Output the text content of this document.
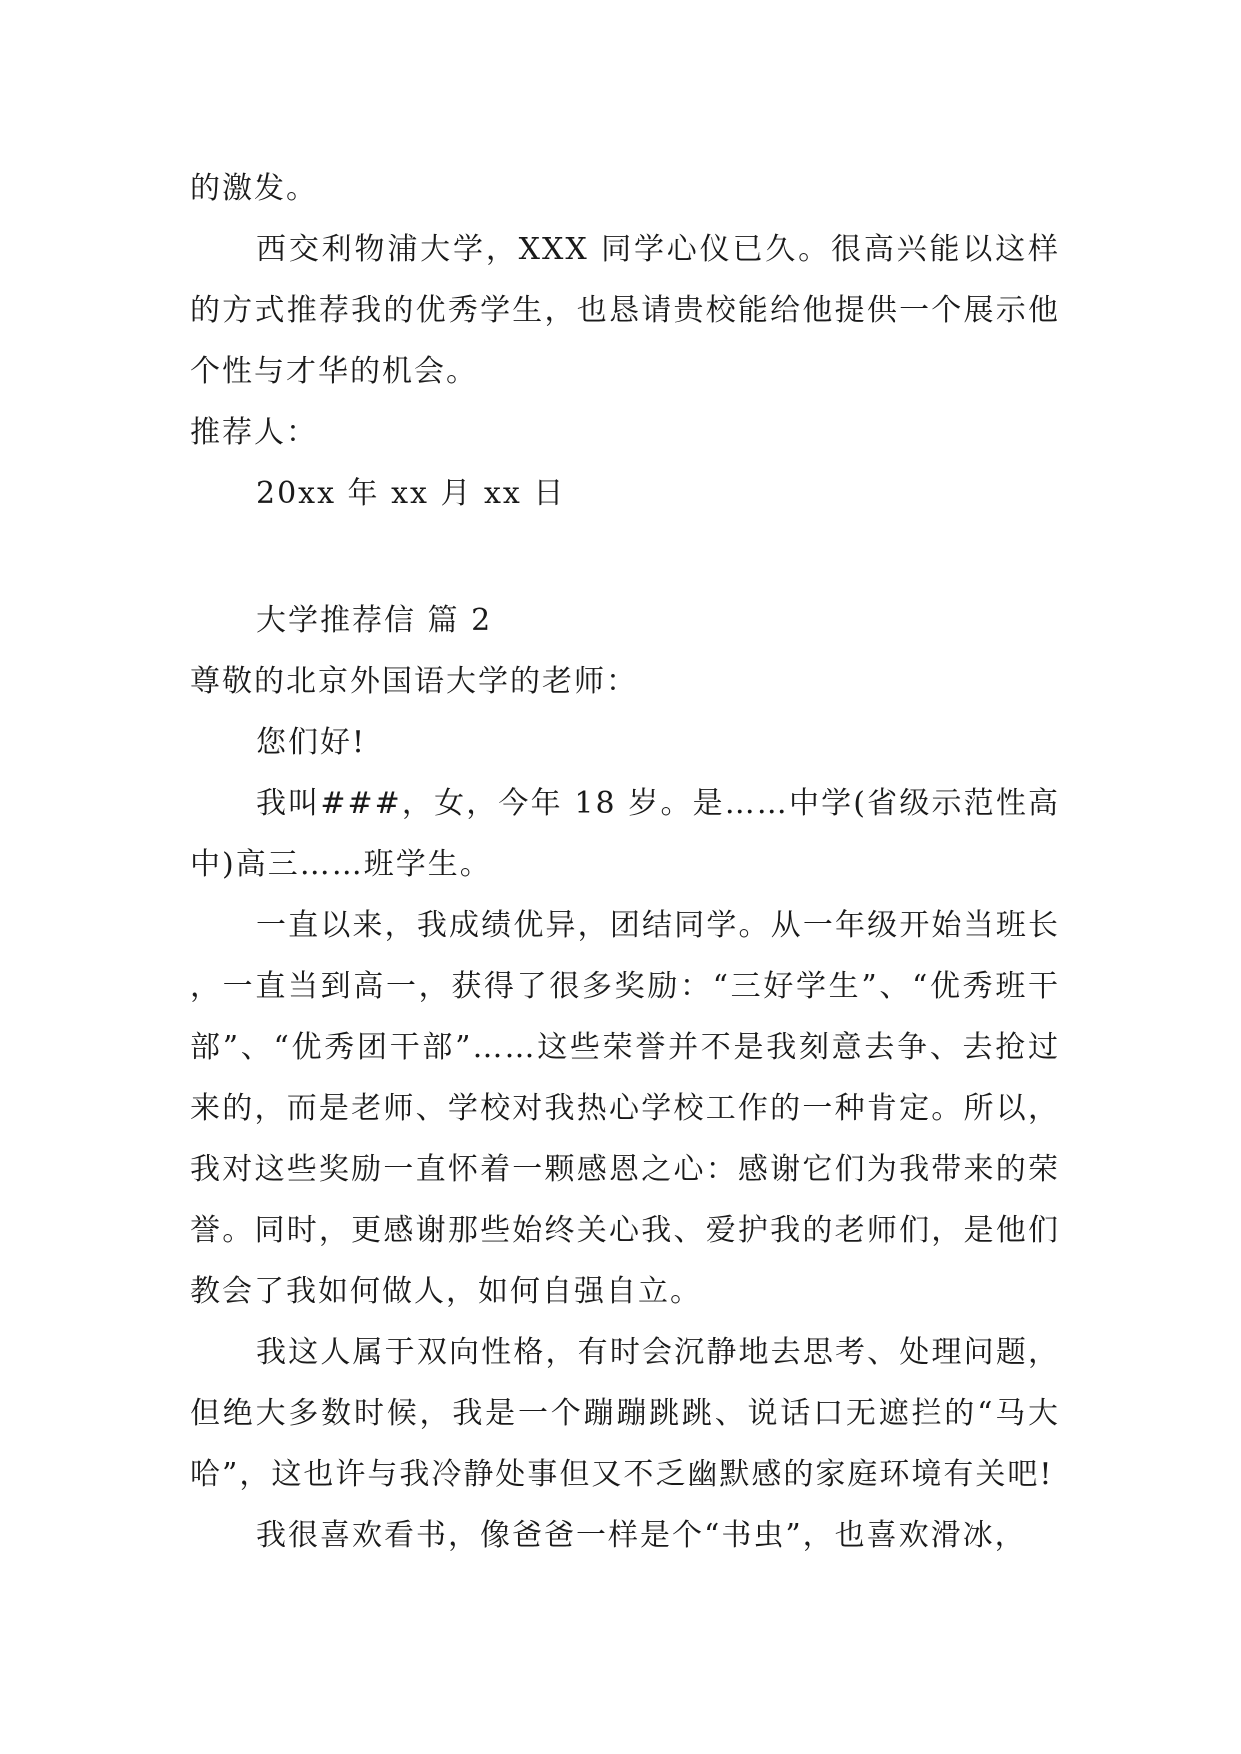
的激发。

西交利物浦大学，XXX 同学心仪已久。很高兴能以这样的方式推荐我的优秀学生，也恳请贵校能给他提供一个展示他个性与才华的机会。

推荐人：

20xx 年 xx 月 xx 日

大学推荐信 篇 2

尊敬的北京外国语大学的老师：

您们好!

我叫###，女，今年 18 岁。是……中学(省级示范性高中)高三……班学生。

一直以来，我成绩优异，团结同学。从一年级开始当班长，一直当到高一，获得了很多奖励：“三好学生”、“优秀班干部”、“优秀团干部”……这些荣誉并不是我刻意去争、去抢过来的，而是老师、学校对我热心学校工作的一种肯定。所以，我对这些奖励一直怀着一颗感恩之心：感谢它们为我带来的荣誉。同时，更感谢那些始终关心我、爱护我的老师们，是他们教会了我如何做人，如何自强自立。

我这人属于双向性格，有时会沉静地去思考、处理问题，但绝大多数时候，我是一个蹦蹦跳跳、说话口无遮拦的“马大哈”，这也许与我冷静处事但又不乏幽默感的家庭环境有关吧!

我很喜欢看书，像爸爸一样是个“书虫”，也喜欢滑冰，
